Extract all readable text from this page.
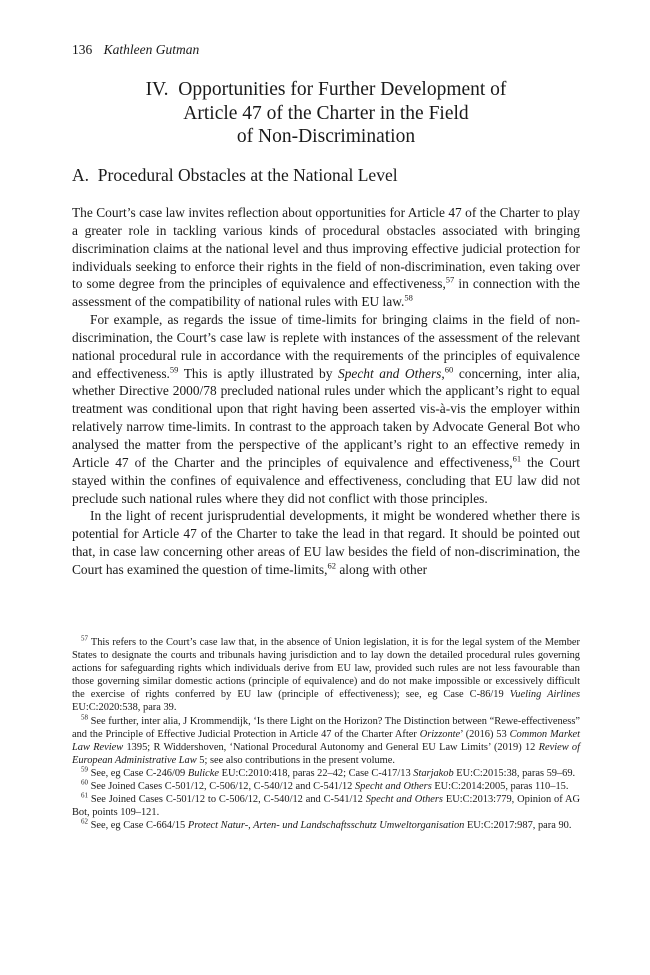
136 Kathleen Gutman
IV. Opportunities for Further Development of
Article 47 of the Charter in the Field
of Non-Discrimination
A. Procedural Obstacles at the National Level

The Court’s case law invites reflection about opportunities for Article 47 of the Charter to play a greater role in tackling various kinds of procedural obstacles associated with bringing discrimination claims at the national level and thus improving effective judicial protection for individuals seeking to enforce their rights in the field of non-discrimination, even taking over to some degree from the principles of equivalence and effectiveness,$^{57}$ in connection with the assessment of the compatibility of national rules with EU law.$^{58}$

For example, as regards the issue of time-limits for bringing claims in the field of non-discrimination, the Court’s case law is replete with instances of the assessment of the relevant national procedural rule in accordance with the requirements of the principles of equivalence and effectiveness.$^{59}$ This is aptly illustrated by Specht and Others,$^{60}$ concerning, inter alia, whether Directive 2000/78 precluded national rules under which the applicant’s right to equal treatment was conditional upon that right having been asserted vis-à-vis the employer within relatively narrow time-limits. In contrast to the approach taken by Advocate General Bot who analysed the matter from the perspective of the applicant’s right to an effective remedy in Article 47 of the Charter and the principles of equivalence and effectiveness,$^{61}$ the Court stayed within the confines of equivalence and effectiveness, concluding that EU law did not preclude such national rules where they did not conflict with those principles.

In the light of recent jurisprudential developments, it might be wondered whether there is potential for Article 47 of the Charter to take the lead in that regard. It should be pointed out that, in case law concerning other areas of EU law besides the field of non-discrimination, the Court has examined the question of time-limits,$^{62}$ along with other

$^{57}$ This refers to the Court’s case law that, in the absence of Union legislation, it is for the legal system of the Member States to designate the courts and tribunals having jurisdiction and to lay down the detailed procedural rules governing actions for safeguarding rights which individuals derive from EU law, provided such rules are not less favourable than those governing similar domestic actions (principle of equivalence) and do not make impossible or excessively difficult the exercise of rights conferred by EU law (principle of effectiveness); see, eg Case C-86/19 Vueling Airlines EU:C:2020:538, para 39.

$^{58}$ See further, inter alia, J Krommendijk, ‘Is there Light on the Horizon? The Distinction between “Rewe-effectiveness” and the Principle of Effective Judicial Protection in Article 47 of the Charter After Orizzonte’ (2016) 53 Common Market Law Review 1395; R Widdershoven, ‘National Procedural Autonomy and General EU Law Limits’ (2019) 12 Review of European Administrative Law 5; see also contributions in the present volume.

$^{59}$ See, eg Case C-246/09 Bulicke EU:C:2010:418, paras 22–42; Case C-417/13 Starjakob EU:C:2015:38, paras 59–69.

$^{60}$ See Joined Cases C-501/12, C-506/12, C-540/12 and C-541/12 Specht and Others EU:C:2014:2005, paras 110–15.

$^{61}$ See Joined Cases C-501/12 to C-506/12, C-540/12 and C-541/12 Specht and Others EU:C:2013:779, Opinion of AG Bot, points 109–121.

$^{62}$ See, eg Case C-664/15 Protect Natur-, Arten- und Landschaftsschutz Umweltorganisation EU:C:2017:987, para 90.
